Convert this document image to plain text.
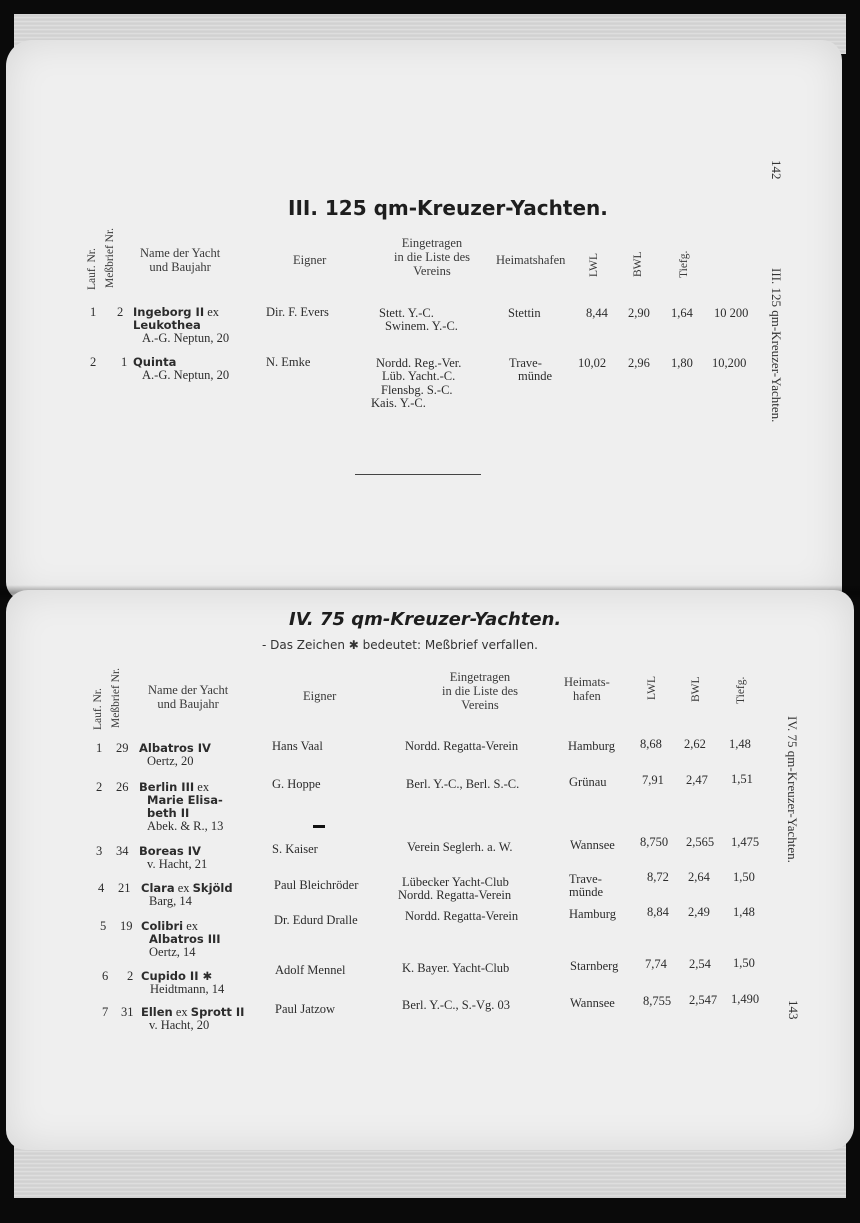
142
III. 125 qm-Kreuzer-Yachten.
III. 125 qm-Kreuzer-Yachten.
Lauf. Nr. Meßbrief Nr. Name der Yacht
und Baujahr	Eigner
Eingetragen
in die Liste des
Vereins
Heimatshafen LWL	BWL	Tiefg.
1 2 Ingeborg II ex
Leukothea
A.-G. Neptun, 20
Dir. F. Evers	Stett. Y.-C.
Swinem. Y.-C.
Stettin	8,44 2,90 1,64 10 200
2 1 Quinta
A.-G. Neptun, 20
N. Emke	Nordd. Reg.-Ver.
Lüb. Yacht.-C.
Flensbg. S.-C.
Kais. Y.-C.
Trave-
münde
10,02 2,96 1,80 10,200
IV. 75 qm-Kreuzer-Yachten.
143
IV. 75 qm-Kreuzer-Yachten.
- Das Zeichen ✱ bedeutet: Meßbrief verfallen.
Lauf. Nr. Meßbrief Nr. Name der Yacht
und Baujahr
Eigner
Eingetragen
in die Liste des
Vereins
Heimats-
hafen	LWL	BWL	Tiefg.
1 29 Albatros IV
Oertz, 20
Hans Vaal	Nordd. Regatta-Verein	Hamburg 8,68 2,62 1,48
2 26 Berlin III ex
Marie Elisa-
beth II
Abek. & R., 13
G. Hoppe	Berl. Y.-C., Berl. S.-C.	Grünau	7,91 2,47 1,51
3 34 Boreas IV
v. Hacht, 21
S. Kaiser	Verein Seglerh. a. W.	Wannsee 8,750 2,565 1,475
4 21 Clara ex Skjöld
Barg, 14
Paul Bleichröder	Lübecker Yacht-Club
Nordd. Regatta-Verein
Trave-
münde
8,72 2,64 1,50
5 19 Colibri ex
Albatros III
Oertz, 14
Dr. Edurd Dralle	Nordd. Regatta-Verein	Hamburg 8,84 2,49 1,48
6 2 Cupido II ✱
Heidtmann, 14
Adolf Mennel	K. Bayer. Yacht-Club	Starnberg 7,74 2,54 1,50
7 31 Ellen ex Sprott II
v. Hacht, 20
Paul Jatzow	Berl. Y.-C., S.-Vg. 03	Wannsee 8,755 2,547 1,490
